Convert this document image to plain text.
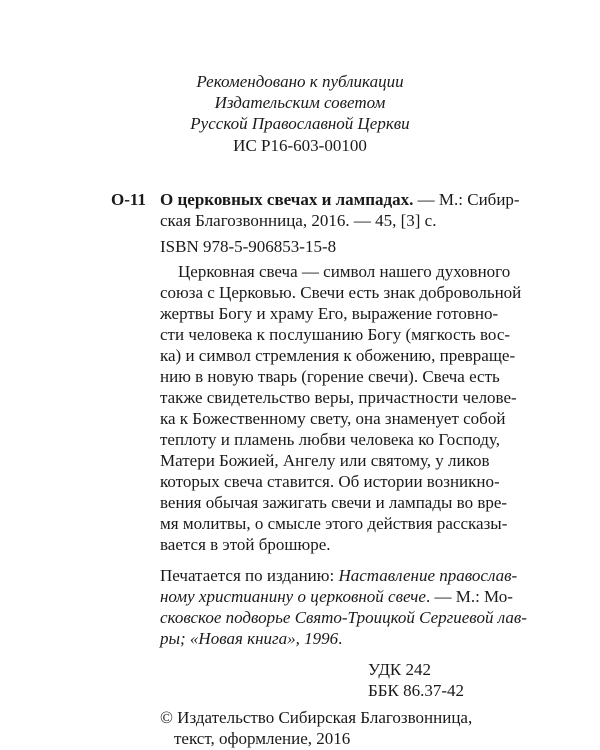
Рекомендовано к публикации
Издательским советом
Русской Православной Церкви
ИС Р16-603-00100
О-11 О церковных свечах и лампадах. — М.: Сибир-
ская Благозвонница, 2016. — 45, [3] с.
ISBN 978-5-906853-15-8
Церковная свеча — символ нашего духовного
союза с Церковью. Свечи есть знак добровольной
жертвы Богу и храму Его, выражение готовно-
сти человека к послушанию Богу (мягкость вос-
ка) и символ стремления к обожению, превраще-
нию в новую тварь (горение свечи). Свеча есть
также свидетельство веры, причастности челове-
ка к Божественному свету, она знаменует собой
теплоту и пламень любви человека ко Господу,
Матери Божией, Ангелу или святому, у ликов
которых свеча ставится. Об истории возникно-
вения обычая зажигать свечи и лампады во вре-
мя молитвы, о смысле этого действия рассказы-
вается в этой брошюре.
Печатается по изданию: Наставление православ-
ному христианину о церковной свече. — М.: Мо-
сковское подворье Свято-Троицкой Сергиевой лав-
ры; «Новая книга», 1996.
УДК 242
ББК 86.37-42
© Издательство Сибирская Благозвонница,
текст, оформление, 2016
